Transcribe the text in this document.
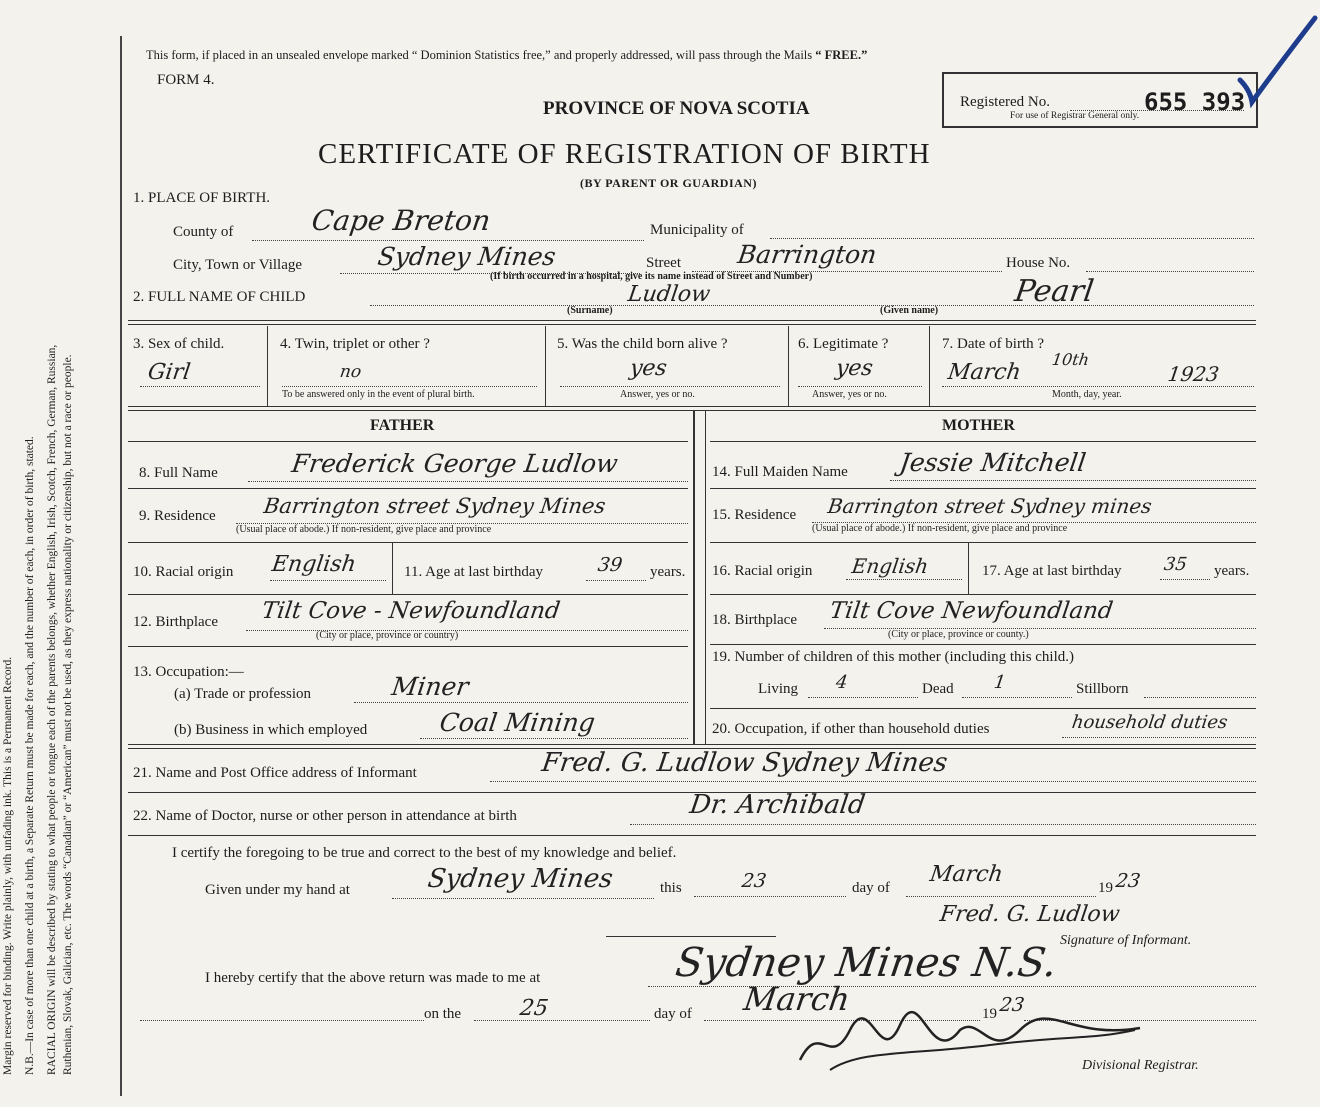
Margin reserved for binding. Write plainly, with unfading ink. This is a Permanent Record. N.B.—In case of more than one child at a birth, a Separate Return must be made for each, and the number of each, in order of birth, stated. RACIAL ORIGIN will be described by stating to what people or tongue each of the parents belongs, whether English, Irish, Scotch, French, German, Russian, Ruthenian, Slovak, Galician, etc. The words “Canadian” or “American” must not be used, as they express nationality or citizenship, but not a race or people.
This form, if placed in an unsealed envelope marked “ Dominion Statistics free,” and properly addressed, will pass through the Mails “ FREE.”
FORM 4.
PROVINCE OF NOVA SCOTIA
CERTIFICATE OF REGISTRATION OF BIRTH
(BY PARENT OR GUARDIAN)
Registered No.
For use of Registrar General only. 655 393
1. PLACE OF BIRTH.
County of	Cape Breton	Municipality of
City, Town or Village	Sydney Mines	Street Barrington
(If birth occurred in a hospital, give its name instead of Street and Number)
House No.
2. FULL NAME OF CHILD	Ludlow
(Surname)
Pearl
(Given name)
3. Sex of child.
Girl
4. Twin, triplet or other ?
no
To be answered only in the event of plural birth.
5. Was the child born alive ?
yes
Answer, yes or no.
6. Legitimate ?
yes
Answer, yes or no.
7. Date of birth ?
March
10th
1923
Month, day, year.
FATHER	MOTHER
8. Full Name	Frederick George Ludlow
9. Residence Barrington street Sydney Mines
(Usual place of abode.) If non-resident, give place and province
10. Racial origin English	11. Age at last birthday	39 years.
12. Birthplace Tilt Cove - Newfoundland
(City or place, province or country)
13. Occupation:—
(a) Trade or profession	Miner
(b) Business in which employed	Coal Mining
14. Full Maiden Name Jessie Mitchell
15. Residence Barrington street Sydney mines
(Usual place of abode.) If non-resident, give place and province
16. Racial origin English	17. Age at last birthday 35 years.
18. Birthplace Tilt Cove Newfoundland
(City or place, province or county.)
19. Number of children of this mother (including this child.)
Living 4	Dead 1	Stillborn
20. Occupation, if other than household duties	household duties
21. Name and Post Office address of Informant	Fred. G. Ludlow Sydney Mines
22. Name of Doctor, nurse or other person in attendance at birth	Dr. Archibald
I certify the foregoing to be true and correct to the best of my knowledge and belief.
Given under my hand at	Sydney Mines	this	23	day of
March
19 23
Fred. G. Ludlow
Signature of Informant.
I hereby certify that the above return was made to me at	Sydney Mines N.S.
on the	25	day of March	19 23
Divisional Registrar.
